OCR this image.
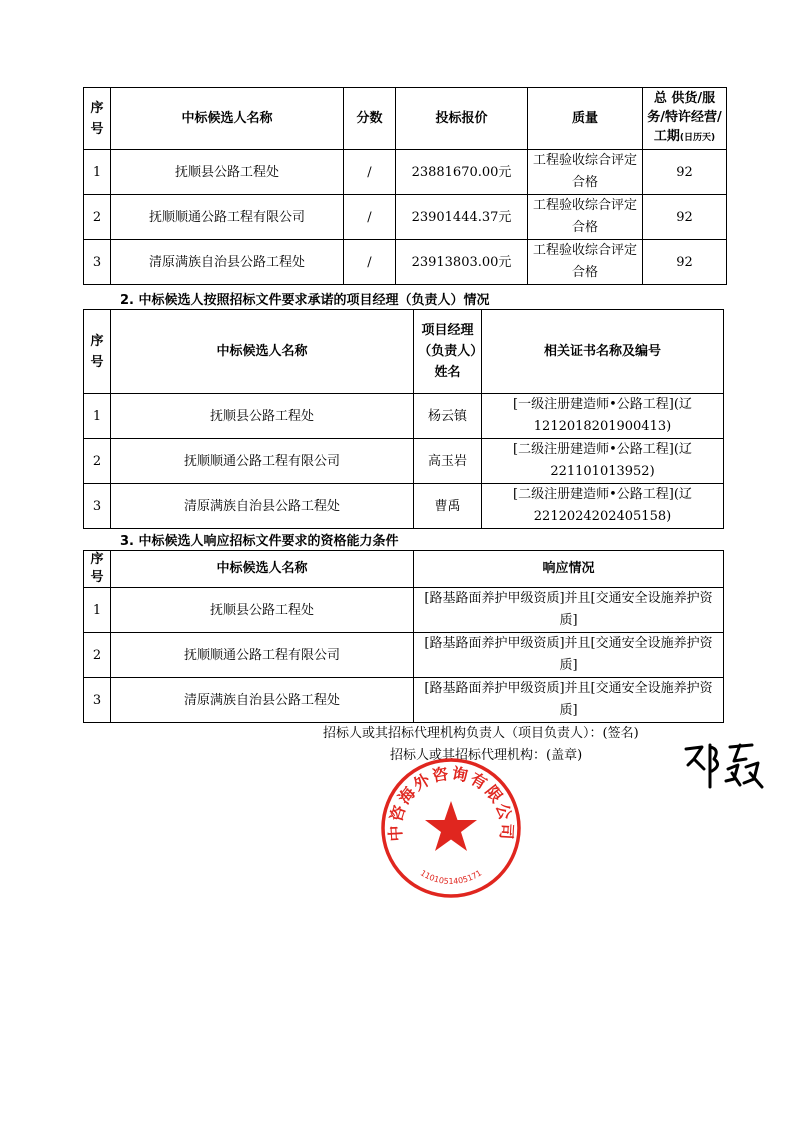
序号	中标候选人名称	分数	投标报价	质量	总 供货/服务/特许经营/工期(日历天)
1	抚顺县公路工程处	/	23881670.00元	工程验收综合评定合格	92
2	抚顺顺通公路工程有限公司	/	23901444.37元	工程验收综合评定合格	92
3	清原满族自治县公路工程处	/	23913803.00元	工程验收综合评定合格	92
2. 中标候选人按照招标文件要求承诺的项目经理（负责人）情况
序号	中标候选人名称	项目经理（负责人）姓名	相关证书名称及编号
1	抚顺县公路工程处	杨云镇	[一级注册建造师•公路工程](辽1212018201900413)
2	抚顺顺通公路工程有限公司	高玉岩	[二级注册建造师•公路工程](辽221101013952)
3	清原满族自治县公路工程处	曹禹	[二级注册建造师•公路工程](辽2212024202405158)
3. 中标候选人响应招标文件要求的资格能力条件
序号	中标候选人名称	响应情况
1	抚顺县公路工程处	[路基路面养护甲级资质]并且[交通安全设施养护资质]
2	抚顺顺通公路工程有限公司	[路基路面养护甲级资质]并且[交通安全设施养护资质]
3	清原满族自治县公路工程处	[路基路面养护甲级资质]并且[交通安全设施养护资质]
招标人或其招标代理机构负责人（项目负责人）：(签名)
招标人或其招标代理机构：(盖章)
中咨海外咨询有限公司
1101051405171
